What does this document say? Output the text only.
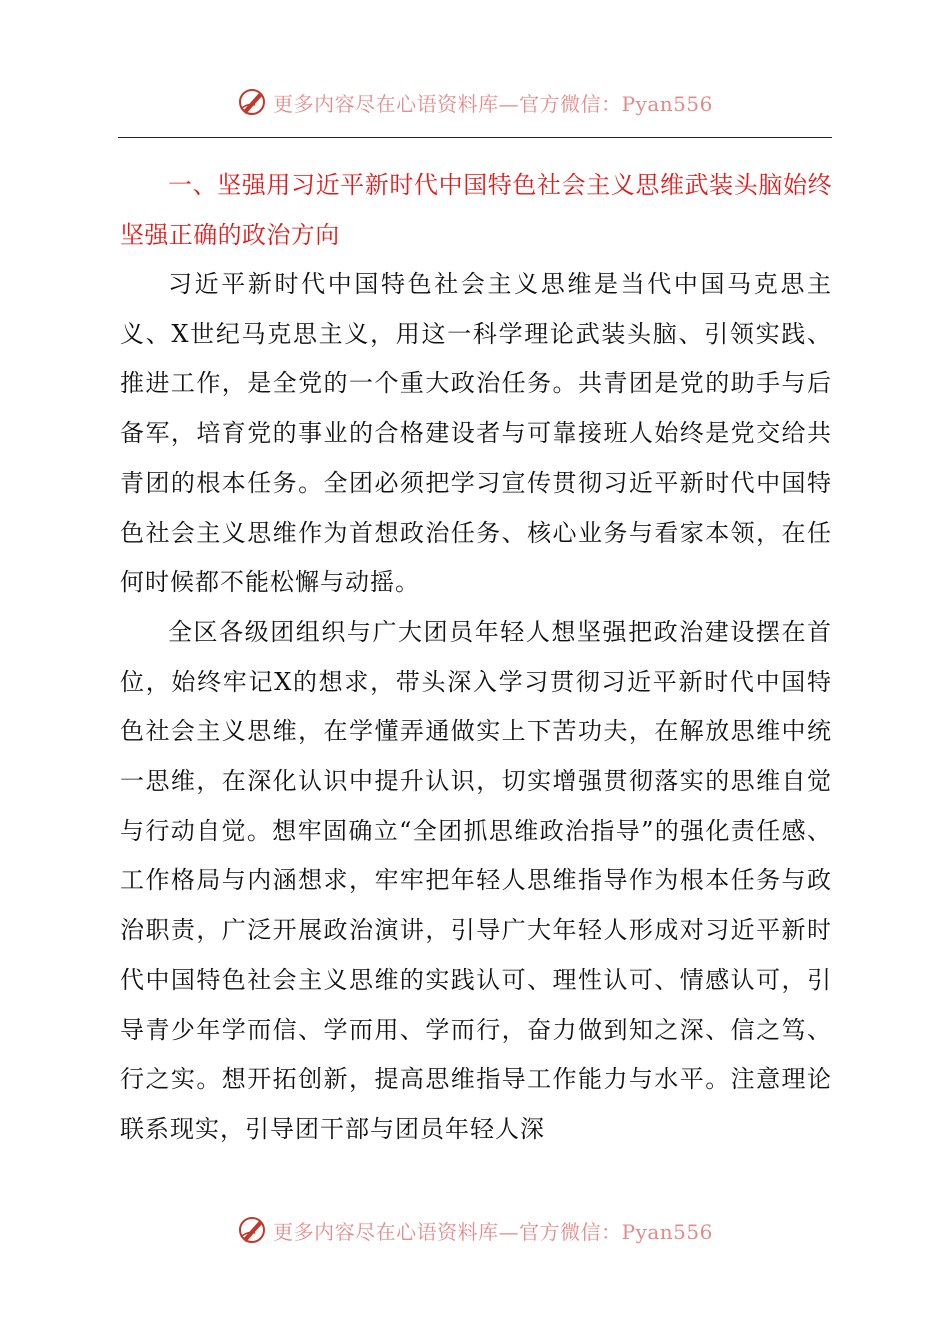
更多内容尽在心语资料库—官方微信：Pyan556
一、坚强用习近平新时代中国特色社会主义思维武装头脑始终坚强正确的政治方向

习近平新时代中国特色社会主义思维是当代中国马克思主义、X世纪马克思主义，用这一科学理论武装头脑、引领实践、推进工作，是全党的一个重大政治任务。共青团是党的助手与后备军，培育党的事业的合格建设者与可靠接班人始终是党交给共青团的根本任务。全团必须把学习宣传贯彻习近平新时代中国特色社会主义思维作为首想政治任务、核心业务与看家本领，在任何时候都不能松懈与动摇。

全区各级团组织与广大团员年轻人想坚强把政治建设摆在首位，始终牢记X的想求，带头深入学习贯彻习近平新时代中国特色社会主义思维，在学懂弄通做实上下苦功夫，在解放思维中统一思维，在深化认识中提升认识，切实增强贯彻落实的思维自觉与行动自觉。想牢固确立“全团抓思维政治指导”的强化责任感、工作格局与内涵想求，牢牢把年轻人思维指导作为根本任务与政治职责，广泛开展政治演讲，引导广大年轻人形成对习近平新时代中国特色社会主义思维的实践认可、理性认可、情感认可，引导青少年学而信、学而用、学而行，奋力做到知之深、信之笃、行之实。想开拓创新，提高思维指导工作能力与水平。注意理论联系现实，引导团干部与团员年轻人深

更多内容尽在心语资料库—官方微信：Pyan556
